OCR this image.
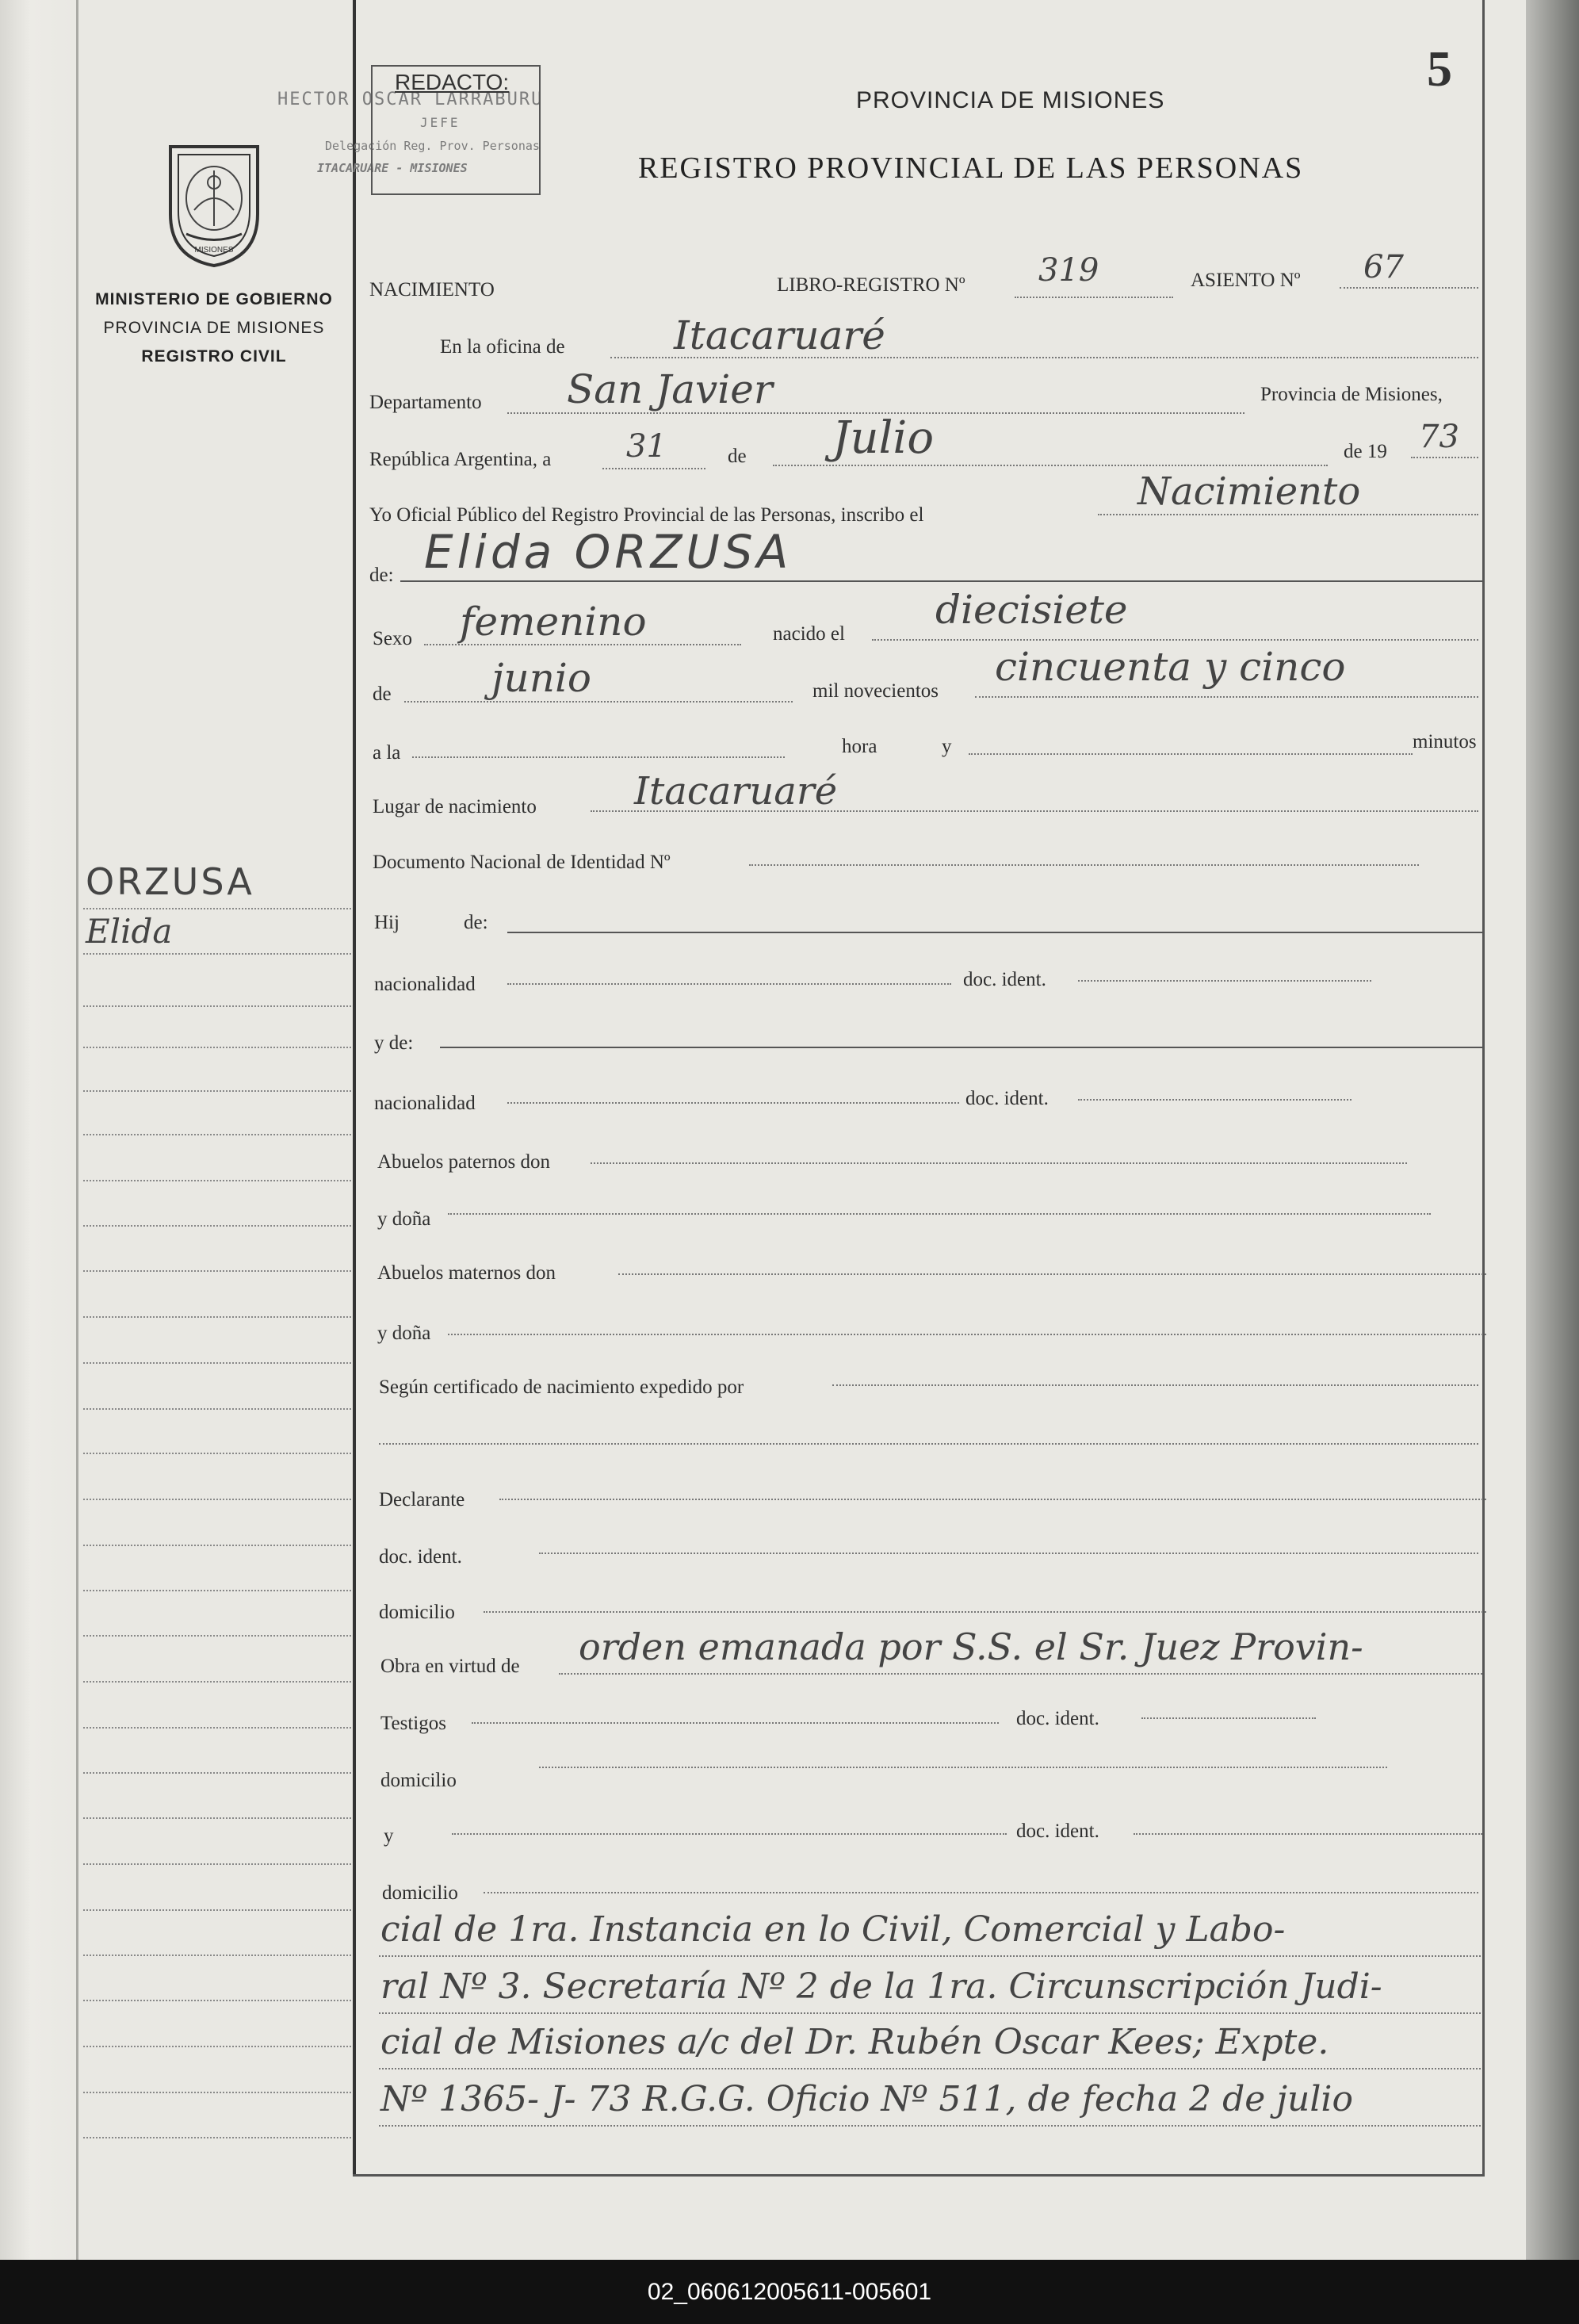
5
HECTOR OSCAR LARRABURU
JEFE
Delegación Reg. Prov. Personas
ITACARUARE - MISIONES
REDACTO:
MISIONES
MINISTERIO DE GOBIERNO
PROVINCIA DE MISIONES
REGISTRO CIVIL
PROVINCIA DE MISIONES
REGISTRO PROVINCIAL DE LAS PERSONAS
NACIMIENTO	LIBRO-REGISTRO Nº 319	ASIENTO Nº 67
En la oficina de	Itacaruaré
Departamento San Javier	Provincia de Misiones,
República Argentina, a 31	de Julio	de 19 73
Yo Oficial Público del Registro Provincial de las Personas, inscribo el
Nacimiento
de: Elida ORZUSA
Sexo femenino	nacido el
diecisiete
de	junio	mil novecientos
cincuenta y cinco
a la	hora	y	minutos
Lugar de nacimiento	Itacaruaré
Documento Nacional de Identidad Nº
Hij	de:
nacionalidad	doc. ident.
y de:
nacionalidad	doc. ident.
Abuelos paternos don
y doña
Abuelos maternos don
y doña
Según certificado de nacimiento expedido por
Declarante
doc. ident.
domicilio
Obra en virtud de orden emanada por S.S. el Sr. Juez Provin-
Testigos	doc. ident.
domicilio
y	doc. ident.
domicilio
cial de 1ra. Instancia en lo Civil, Comercial y Labo-
ral Nº 3. Secretaría Nº 2 de la 1ra. Circunscripción Judi-
cial de Misiones a/c del Dr. Rubén Oscar Kees; Expte.
Nº 1365- J- 73 R.G.G. Oficio Nº 511, de fecha 2 de julio
ORZUSA
Elida
02_060612005611-005601
